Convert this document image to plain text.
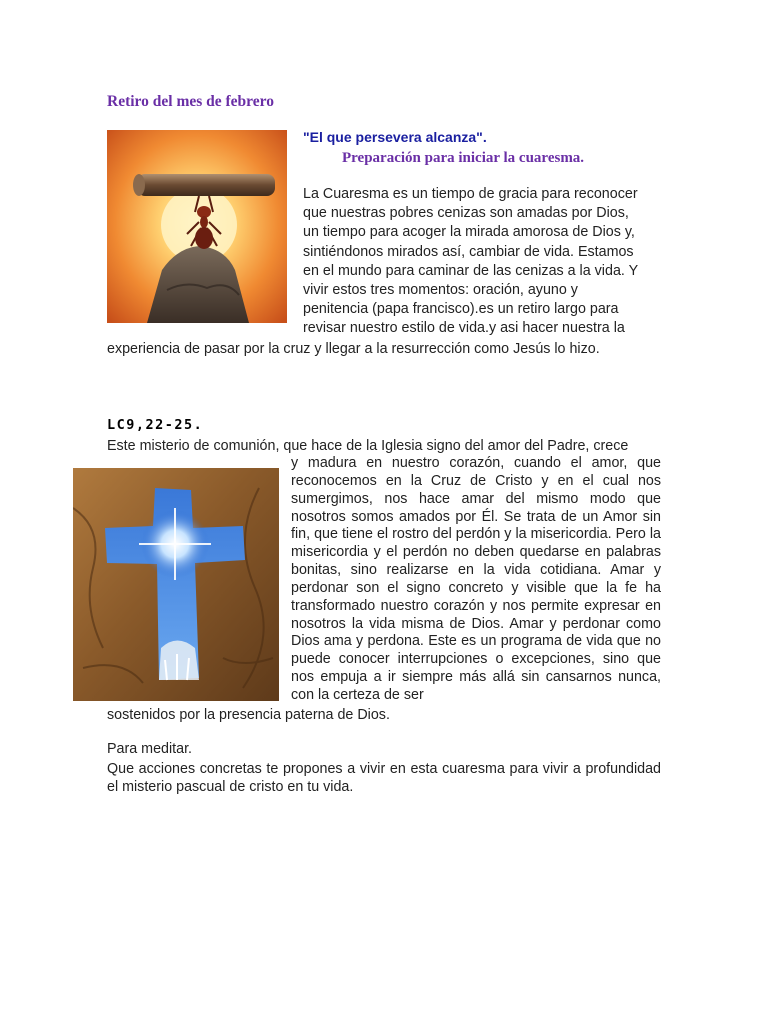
Retiro del mes de febrero
"El que persevera alcanza".
Preparación para iniciar la cuaresma.
La Cuaresma es un tiempo de gracia para reconocer
que nuestras pobres cenizas son amadas por Dios,
un tiempo para acoger la mirada amorosa de Dios y,
sintiéndonos mirados así, cambiar de vida. Estamos
en el mundo para caminar de las cenizas a la vida. Y
vivir estos tres momentos: oración, ayuno y
penitencia (papa francisco).es un retiro largo para
revisar nuestro estilo de vida.y asi hacer nuestra la
experiencia de pasar por la cruz y llegar a la resurrección como Jesús lo hizo.
LC9,22-25.
Este misterio de comunión, que hace de la Iglesia signo del amor del Padre, crece
y madura en nuestro corazón, cuando el amor, que reconocemos en la Cruz de Cristo y en el cual nos sumergimos, nos hace amar del mismo modo que nosotros somos amados por Él. Se trata de un Amor sin fin, que tiene el rostro del perdón y la misericordia. Pero la misericordia y el perdón no deben quedarse en palabras bonitas, sino realizarse en la vida cotidiana. Amar y perdonar son el signo concreto y visible que la fe ha transformado nuestro corazón y nos permite expresar en nosotros la vida misma de Dios. Amar y perdonar como Dios ama y perdona. Este es un programa de vida que no puede conocer interrupciones o excepciones, sino que nos empuja a ir siempre más allá sin cansarnos nunca, con la certeza de ser
sostenidos por la presencia paterna de Dios.
Para meditar.
Que acciones concretas te propones a vivir en esta cuaresma para vivir a profundidad el misterio pascual de cristo en tu vida.
